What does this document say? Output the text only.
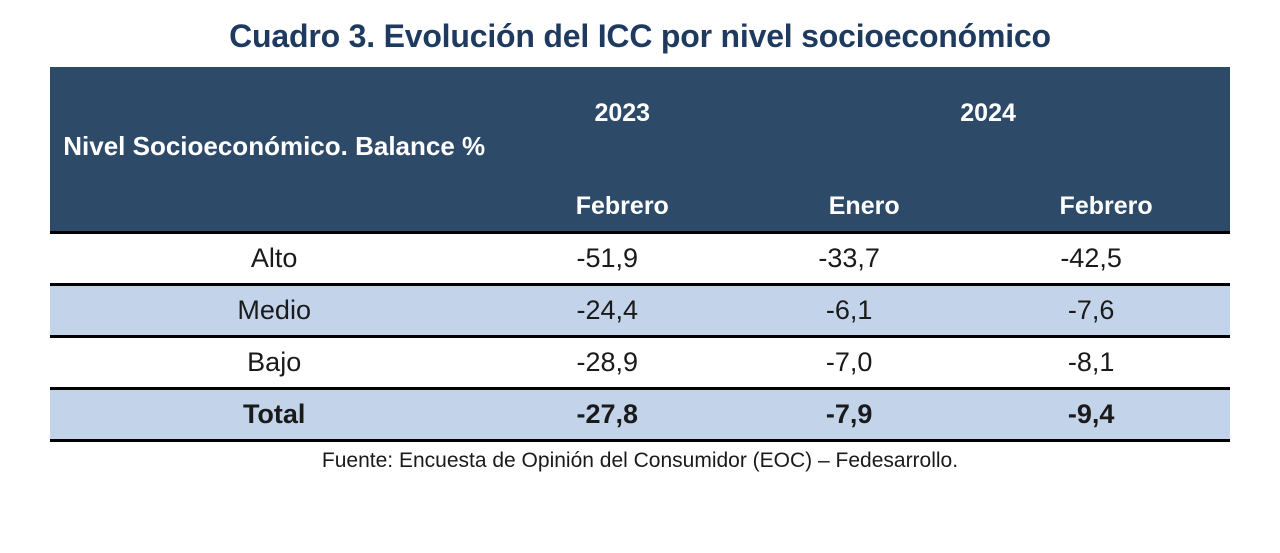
Cuadro 3. Evolución del ICC por nivel socioeconómico
Nivel Socioeconómico. Balance %	2023	2024	
	Febrero	Enero	Febrero
Alto	-51,9	-33,7	-42,5
Medio	-24,4	-6,1	-7,6
Bajo	-28,9	-7,0	-8,1
Total	-27,8	-7,9	-9,4
Fuente: Encuesta de Opinión del Consumidor (EOC) – Fedesarrollo.
